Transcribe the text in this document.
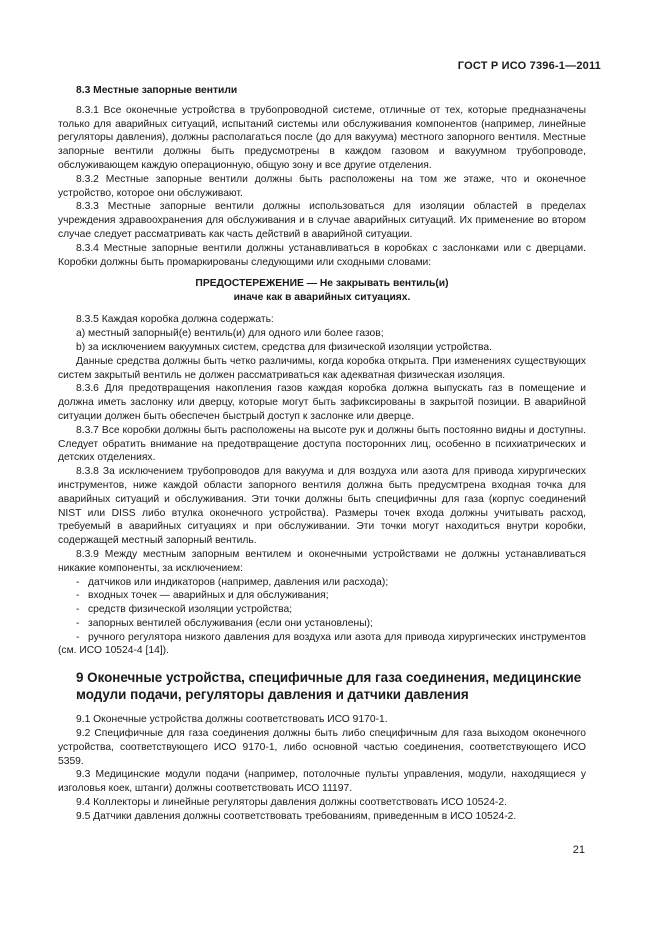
ГОСТ Р ИСО 7396-1—2011

8.3 Местные запорные вентили

8.3.1 Все оконечные устройства в трубопроводной системе, отличные от тех, которые предназначены только для аварийных ситуаций, испытаний системы или обслуживания компонентов (например, линейные регуляторы давления), должны располагаться после (до для вакуума) местного запорного вентиля. Местные запорные вентили должны быть предусмотрены в каждом газовом и вакуумном трубопроводе, обслуживающем каждую операционную, общую зону и все другие отделения.

8.3.2 Местные запорные вентили должны быть расположены на том же этаже, что и оконечное устройство, которое они обслуживают.

8.3.3 Местные запорные вентили должны использоваться для изоляции областей в пределах учреждения здравоохранения для обслуживания и в случае аварийных ситуаций. Их применение во втором случае следует рассматривать как часть действий в аварийной ситуации.

8.3.4 Местные запорные вентили должны устанавливаться в коробках с заслонками или с дверцами. Коробки должны быть промаркированы следующими или сходными словами:

ПРЕДОСТЕРЕЖЕНИЕ — Не закрывать вентиль(и)
иначе как в аварийных ситуациях.

8.3.5 Каждая коробка должна содержать:

а) местный запорный(е) вентиль(и) для одного или более газов;

b) за исключением вакуумных систем, средства для физической изоляции устройства.

Данные средства должны быть четко различимы, когда коробка открыта. При изменениях существующих систем закрытый вентиль не должен рассматриваться как адекватная физическая изоляция.

8.3.6 Для предотвращения накопления газов каждая коробка должна выпускать газ в помещение и должна иметь заслонку или дверцу, которые могут быть зафиксированы в закрытой позиции. В аварийной ситуации должен быть обеспечен быстрый доступ к заслонке или дверце.

8.3.7 Все коробки должны быть расположены на высоте рук и должны быть постоянно видны и доступны. Следует обратить внимание на предотвращение доступа посторонних лиц, особенно в психиатрических и детских отделениях.

8.3.8 За исключением трубопроводов для вакуума и для воздуха или азота для привода хирургических инструментов, ниже каждой области запорного вентиля должна быть предусмтрена входная точка для аварийных ситуаций и обслуживания. Эти точки должны быть специфичны для газа (корпус соединений NIST или DISS либо втулка оконечного устройства). Размеры точек входа должны учитывать расход, требуемый в аварийных ситуациях и при обслуживании. Эти точки могут находиться внутри коробки, содержащей местный запорный вентиль.

8.3.9 Между местным запорным вентилем и оконечными устройствами не должны устанавливаться никакие компоненты, за исключением:

- датчиков или индикаторов (например, давления или расхода);

- входных точек — аварийных и для обслуживания;

- средств физической изоляции устройства;

- запорных вентилей обслуживания (если они установлены);

- ручного регулятора низкого давления для воздуха или азота для привода хирургических инструментов (см. ИСО 10524-4 [14]).

9 Оконечные устройства, специфичные для газа соединения, медицинские модули подачи, регуляторы давления и датчики давления

9.1 Оконечные устройства должны соответствовать ИСО 9170-1.

9.2 Специфичные для газа соединения должны быть либо специфичным для газа выходом оконечного устройства, соответствующего ИСО 9170-1, либо основной частью соединения, соответствующего ИСО 5359.

9.3 Медицинские модули подачи (например, потолочные пульты управления, модули, находящиеся у изголовья коек, штанги) должны соответствовать ИСО 11197.

9.4 Коллекторы и линейные регуляторы давления должны соответствовать ИСО 10524-2.

9.5 Датчики давления должны соответствовать требованиям, приведенным в ИСО 10524-2.

21
